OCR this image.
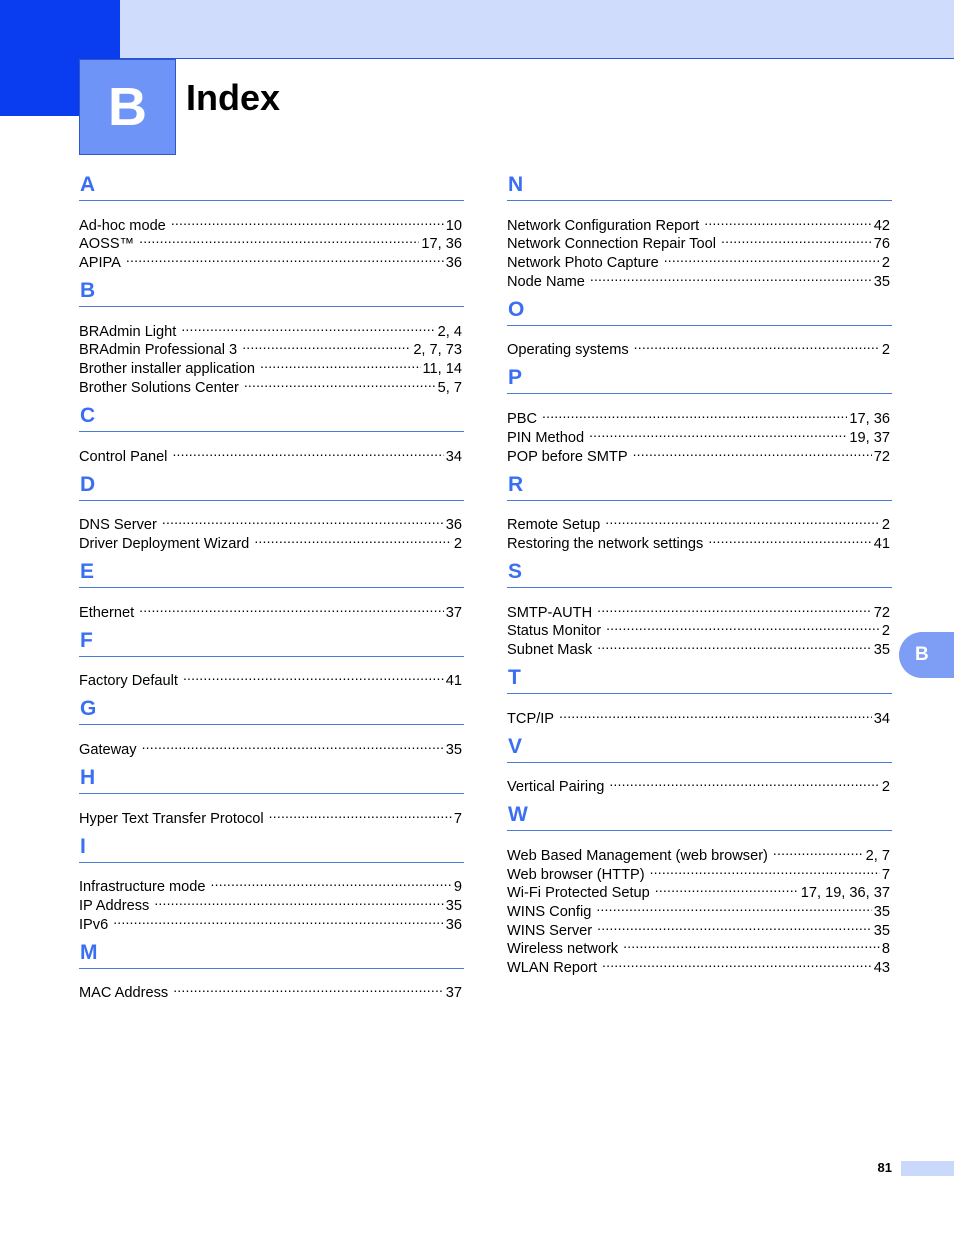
B Index
A
Ad-hoc mode .....	10
AOSS™ .....	17, 36
APIPA .....	36
B
BRAdmin Light .....	2, 4
BRAdmin Professional 3 .....	2, 7, 73
Brother installer application .....	11, 14
Brother Solutions Center .....	5, 7
C
Control Panel .....	34
D
DNS Server .....	36
Driver Deployment Wizard .....	2
E
Ethernet .....	37
F
Factory Default .....	41
G
Gateway .....	35
H
Hyper Text Transfer Protocol .....	7
I
Infrastructure mode .....	9
IP Address .....	35
IPv6 .....	36
M
MAC Address .....	37
N
Network Configuration Report .....	42
Network Connection Repair Tool .....	76
Network Photo Capture .....	2
Node Name .....	35
O
Operating systems .....	2
P
PBC .....	17, 36
PIN Method .....	19, 37
POP before SMTP .....	72
R
Remote Setup .....	2
Restoring the network settings .....	41
S
SMTP-AUTH .....	72
Status Monitor .....	2
Subnet Mask .....	35
T
TCP/IP .....	34
V
Vertical Pairing .....	2
W
Web Based Management (web browser) .....	2, 7
Web browser (HTTP) .....	7
Wi-Fi Protected Setup .....	17, 19, 36, 37
WINS Config .....	35
WINS Server .....	35
Wireless network .....	8
WLAN Report .....	43
B
81
